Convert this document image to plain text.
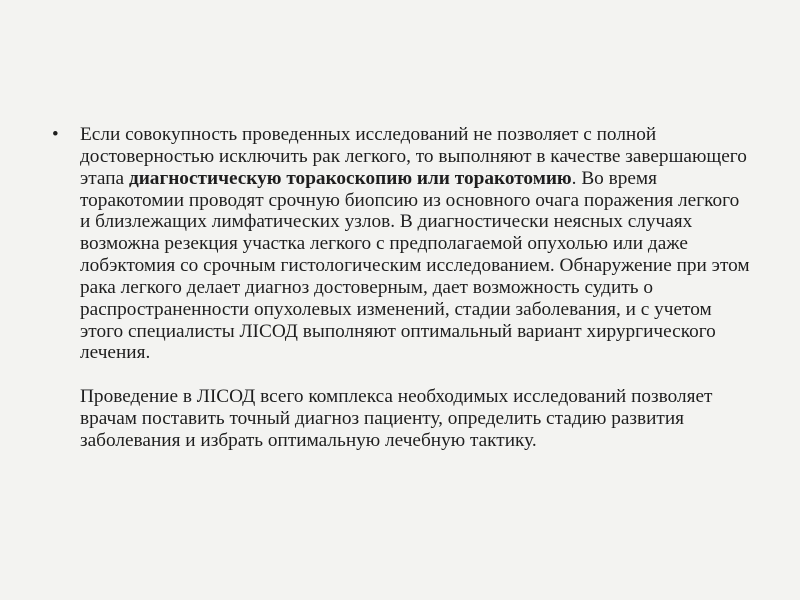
•	Если совокупность проведенных исследований не позволяет с полной достоверностью исключить рак легкого, то выполняют в качестве завершающего этапа диагностическую торакоскопию или торакотомию. Во время торакотомии проводят срочную биопсию из основного очага поражения легкого и близлежащих лимфатических узлов. В диагностически неясных случаях возможна резекция участка легкого с предполагаемой опухолью или даже лобэктомия со срочным гистологическим исследованием. Обнаружение при этом рака легкого делает диагноз достоверным, дает возможность судить о распространенности опухолевых изменений, стадии заболевания, и с учетом этого специалисты ЛІСОД выполняют оптимальный вариант хирургического лечения.

Проведение в ЛІСОД всего комплекса необходимых исследований позволяет врачам поставить точный диагноз пациенту, определить стадию развития заболевания и избрать оптимальную лечебную тактику.
